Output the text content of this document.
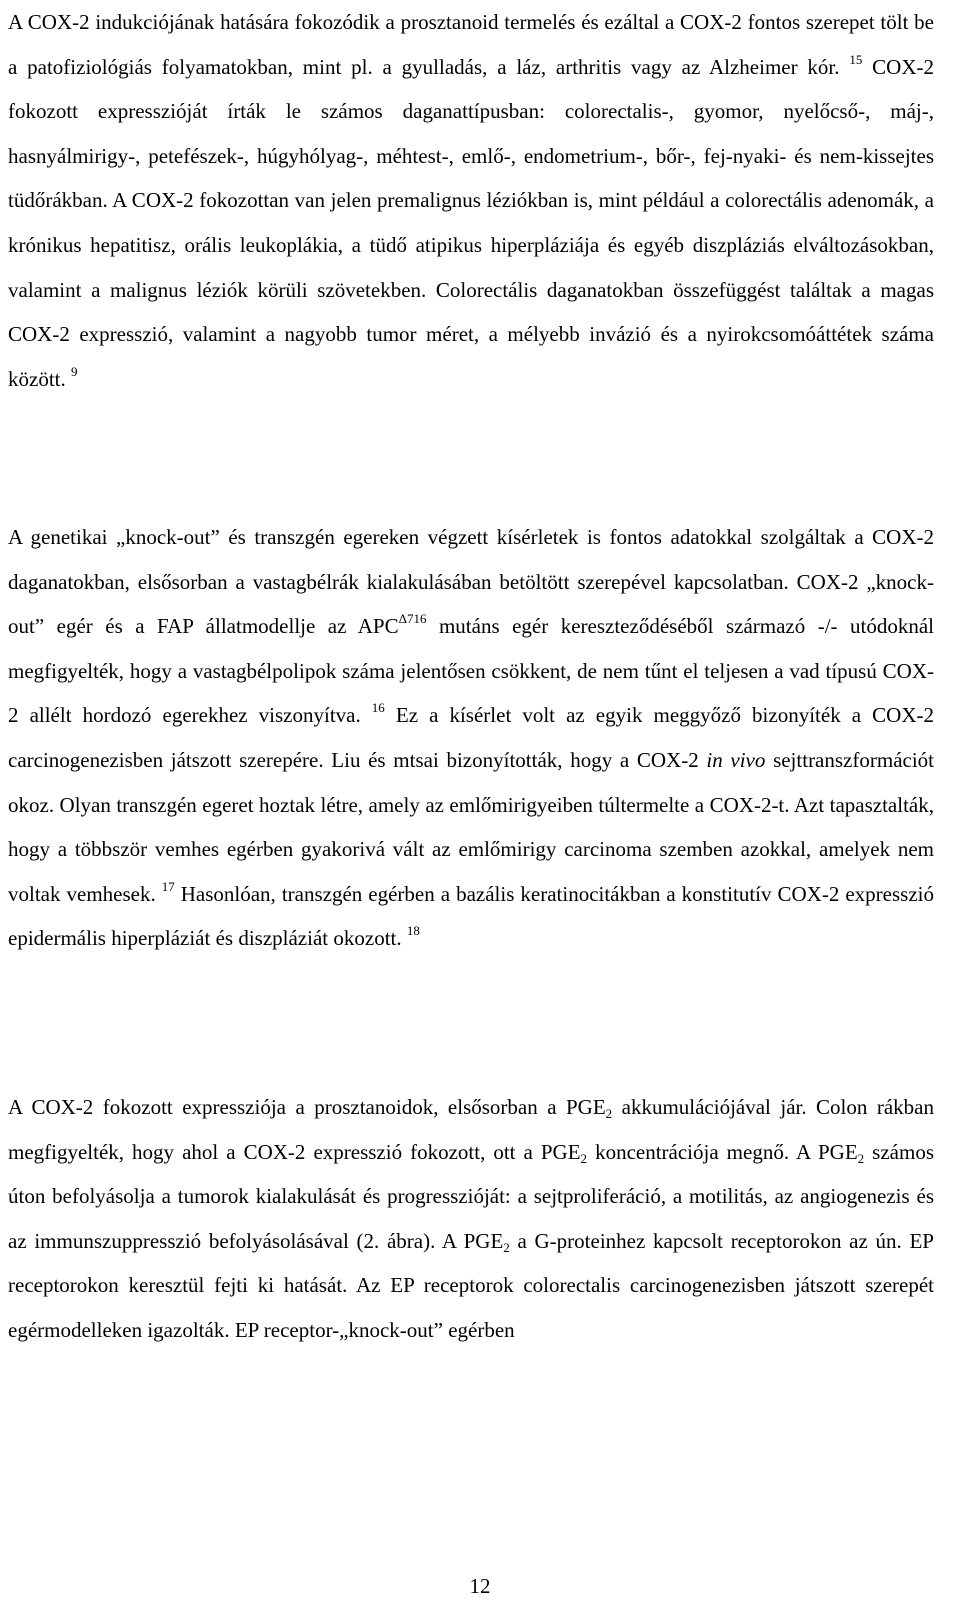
A COX-2 indukciójának hatására fokozódik a prosztanoid termelés és ezáltal a COX-2 fontos szerepet tölt be a patofiziológiás folyamatokban, mint pl. a gyulladás, a láz, arthritis vagy az Alzheimer kór. $^{15}$ COX-2 fokozott expresszióját írták le számos daganattípusban: colorectalis-, gyomor, nyelőcső-, máj-, hasnyálmirigy-, petefészek-, húgyhólyag-, méhtest-, emlő-, endometrium-, bőr-, fej-nyaki- és nem-kissejtes tüdőrákban. A COX-2 fokozottan van jelen premalignus léziókban is, mint például a colorectális adenomák, a krónikus hepatitisz, orális leukoplákia, a tüdő atipikus hiperpláziája és egyéb diszpláziás elváltozásokban, valamint a malignus léziók körüli szövetekben. Colorectális daganatokban összefüggést találtak a magas COX-2 expresszió, valamint a nagyobb tumor méret, a mélyebb invázió és a nyirokcsomóáttétek száma között. $^9$

A genetikai „knock-out” és transzgén egereken végzett kísérletek is fontos adatokkal szolgáltak a COX-2 daganatokban, elsősorban a vastagbélrák kialakulásában betöltött szerepével kapcsolatban. COX-2 „knock-out” egér és a FAP állatmodellje az $APC^{\Delta 716}$ mutáns egér kereszteződéséből származó -/- utódoknál megfigyelték, hogy a vastagbélpolipok száma jelentősen csökkent, de nem tűnt el teljesen a vad típusú COX-2 allélt hordozó egerekhez viszonyítva. $^{16}$ Ez a kísérlet volt az egyik meggyőző bizonyíték a COX-2 carcinogenezisben játszott szerepére. Liu és mtsai bizonyították, hogy a COX-2 in vivo sejttranszformációt okoz. Olyan transzgén egeret hoztak létre, amely az emlőmirigyeiben túltermelte a COX-2-t. Azt tapasztalták, hogy a többször vemhes egérben gyakorivá vált az emlőmirigy carcinoma szemben azokkal, amelyek nem voltak vemhesek. $^{17}$ Hasonlóan, transzgén egérben a bazális keratinocitákban a konstitutív COX-2 expresszió epidermális hiperpláziát és diszpláziát okozott. $^{18}$

A COX-2 fokozott expressziója a prosztanoidok, elsősorban a $PGE_2$ akkumulációjával jár. Colon rákban megfigyelték, hogy ahol a COX-2 expresszió fokozott, ott a $PGE_2$ koncentrációja megnő. A $PGE_2$ számos úton befolyásolja a tumorok kialakulását és progresszióját: a sejtproliferáció, a motilitás, az angiogenezis és az immunszuppresszió befolyásolásával (2. ábra). A $PGE_2$ a G-proteinhez kapcsolt receptorokon az ún. EP receptorokon keresztül fejti ki hatását. Az EP receptorok colorectalis carcinogenezisben játszott szerepét egérmodelleken igazolták. EP receptor-„knock-out” egérben

12
